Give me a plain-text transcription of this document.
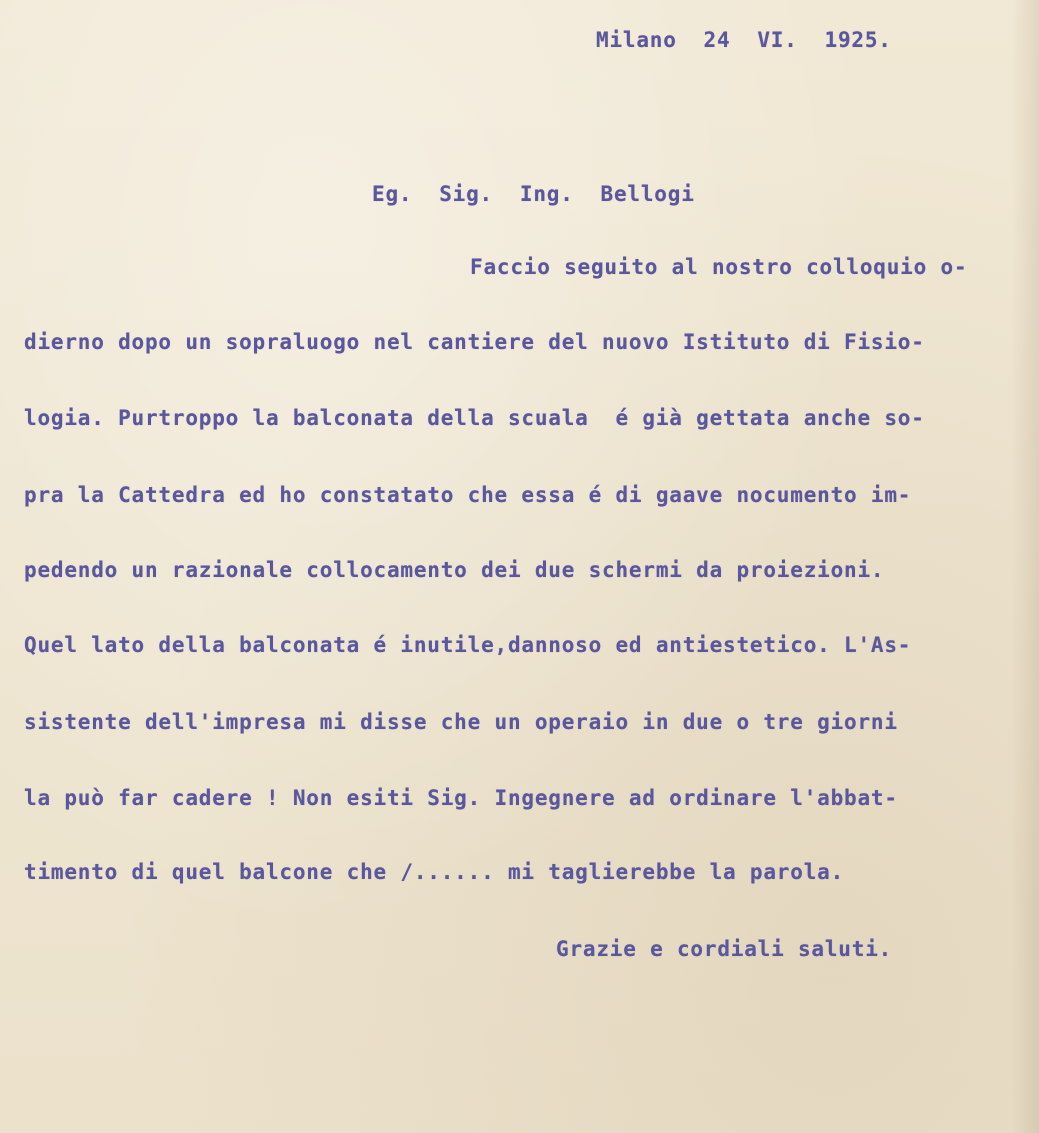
Milano  24  VI.  1925.
Eg.  Sig.  Ing.  Bellogi
Faccio seguito al nostro colloquio o-
dierno dopo un sopraluogo nel cantiere del nuovo Istituto di Fisio-
logia. Purtroppo la balconata della scuala  é già gettata anche so-
pra la Cattedra ed ho constatato che essa é di gaave nocumento im-
pedendo un razionale collocamento dei due schermi da proiezioni.
Quel lato della balconata é inutile,dannoso ed antiestetico. L'As-
sistente dell'impresa mi disse che un operaio in due o tre giorni
la può far cadere ! Non esiti Sig. Ingegnere ad ordinare l'abbat-
timento di quel balcone che /...... mi taglierebbe la parola.
Grazie e cordiali saluti.
